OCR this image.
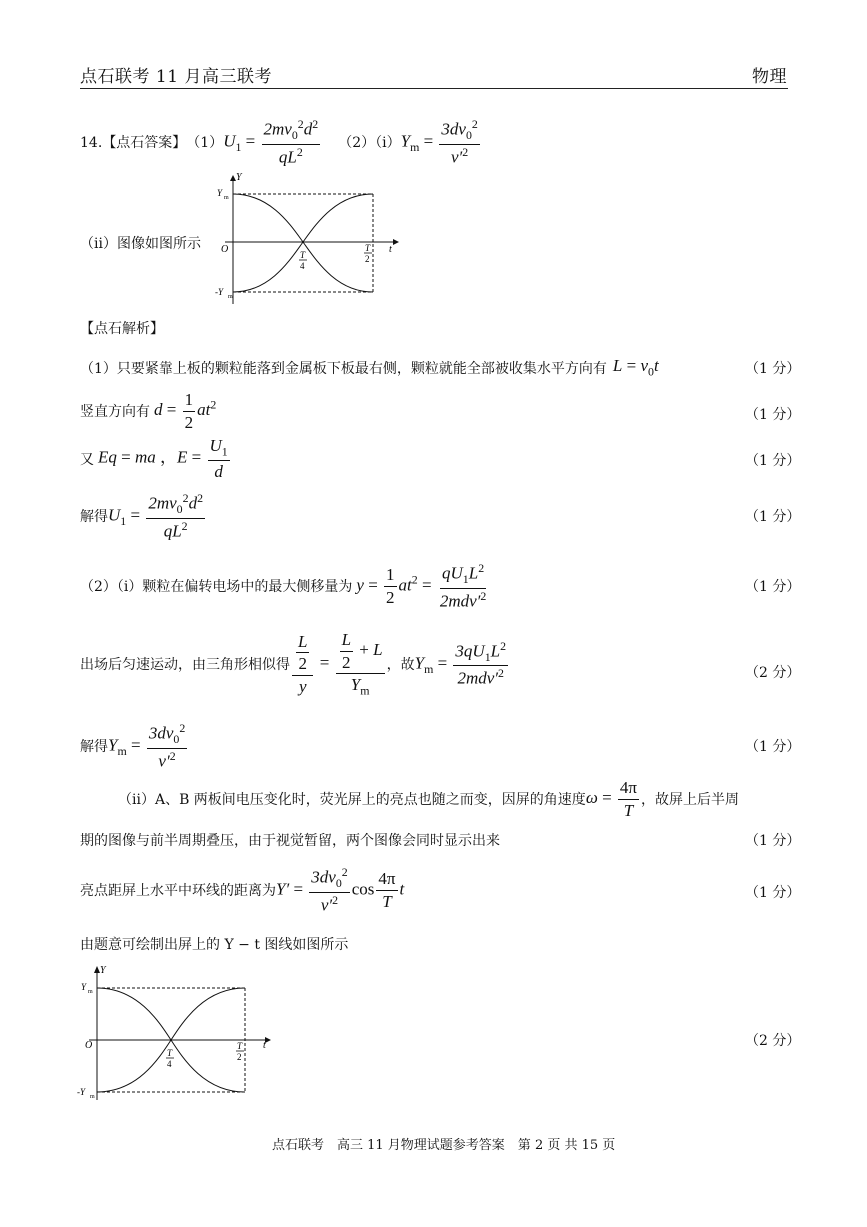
点石联考 11 月高三联考	物理
14.【点石答案】 （1） $U_1 = \frac{2mv_0^2d^2}{qL^2}$ （2）（ⅰ） $Y_m = \frac{3dv_0^2}{v'^2}$
（ⅱ）图像如图所示
Y
t
O
Y m
-Y m
T
4
T
2
【点石解析】
（1）只要紧靠上板的颗粒能落到金属板下板最右侧，颗粒就能全部被收集水平方向有 $L = v_0t$	（1 分）
竖直方向有 $d = \frac{1}{2} at^2$
（1 分）
又 Eq = ma ，$E = \frac{U_1}{d}$	（1 分）
解得 $U_1 = \frac{2mv_0^2d^2}{qL^2}$	（1 分）
（2）（ⅰ）颗粒在偏转电场中的最大侧移量为 $y = \frac{1}{2} at^2 = \frac{qU_1L^2}{2mdv'^2}$	（1 分）
出场后匀速运动，由三角形相似得 $\frac{\frac{L}{2}}{y} = \frac{\frac{L}{2} + L}{Y_m}$ ，故 $Y_m = \frac{3qU_1L^2}{2mdv'^2}$	（2 分）
解得 $Y_m = \frac{3dv_0^2}{v'^2}$	（1 分）
（ⅱ）A、B 两板间电压变化时，荧光屏上的亮点也随之而变，因屏的角速度 $\omega = \frac{4\pi}{T}$ ，故屏上后半周
期的图像与前半周期叠压，由于视觉暂留，两个图像会同时显示出来	（1 分）
亮点距屏上水平中环线的距离为 $Y' = \frac{3dv_0^2}{v'^2}$ $\cos \frac{4\pi}{T}$ t	（1 分）
由题意可绘制出屏上的 Y − t 图线如图所示
Y
t
O
Y m
-Y m
T
4
T
2
（2 分）
点石联考　高三 11 月物理试题参考答案　第 2 页 共 15 页
